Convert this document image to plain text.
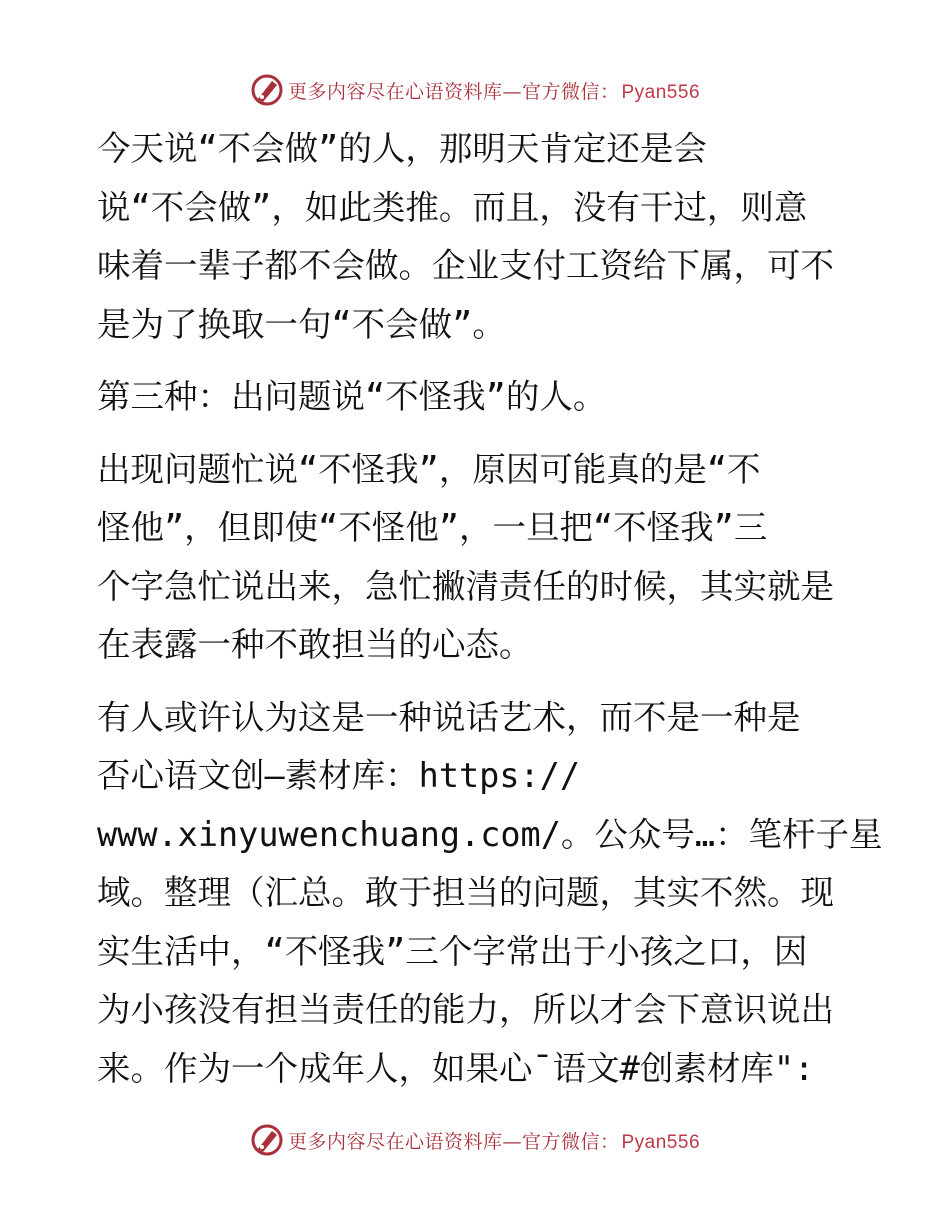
更多内容尽在心语资料库—官方微信： Pyan556

今天说“不会做”的人，那明天肯定还是会
说“不会做”，如此类推。而且，没有干过，则意
味着一辈子都不会做。企业支付工资给下属，可不
是为了换取一句“不会做”。

第三种：出问题说“不怪我”的人。

出现问题忙说“不怪我”，原因可能真的是“不
怪他”，但即使“不怪他”，一旦把“不怪我”三
个字急忙说出来，急忙撇清责任的时候，其实就是
在表露一种不敢担当的心态。

有人或许认为这是一种说话艺术，而不是一种是
否心语文创—素材库：https://
www.xinyuwenchuang.com/。公众号…：笔杆子星
域。整理（汇总。敢于担当的问题，其实不然。现
实生活中，“不怪我”三个字常出于小孩之口，因
为小孩没有担当责任的能力，所以才会下意识说出
来。作为一个成年人，如果心¯语文#创素材库":

更多内容尽在心语资料库—官方微信： Pyan556
